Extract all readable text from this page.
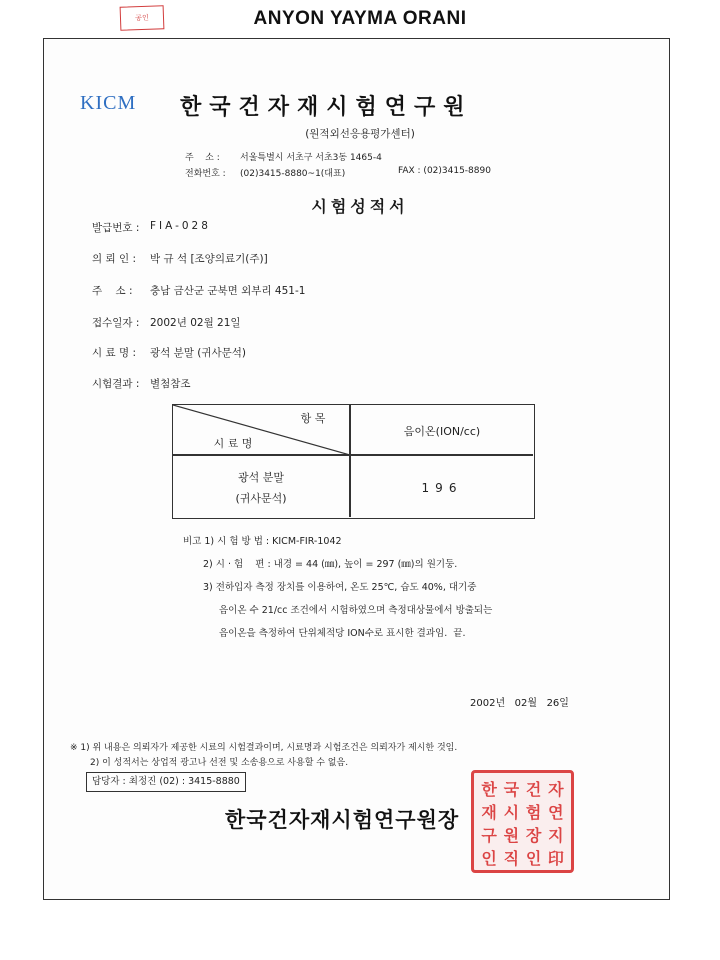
공인	ANYON YAYMA ORANI
KICM 한국건자재시험연구원
(원적외선응용평가센터)
주    소 : 서울특별시 서초구 서초3동 1465-4
전화번호 : (02)3415-8880~1(대표)	FAX : (02)3415-8890
시험성적서
발급번호 : FIA-028
의 뢰 인 : 박 규 석 [조양의료기(주)]
주    소 : 충남 금산군 군북면 외부리 451-1
접수일자 : 2002년 02월 21일
시 료 명 : 광석 분말 (귀사문석)
시험결과 : 별첨참조
항 목
시 료 명
음이온(ION/cc)
광석 분말
(귀사문석)
196
비고 1) 시 험 방 법 : KICM-FIR-1042
2) 시 · 험    편 : 내경 = 44 (㎜), 높이 = 297 (㎜)의 원기둥.
3) 전하입자 측정 장치를 이용하여, 온도 25℃, 습도 40%, 대기중
음이온 수 21/cc 조건에서 시험하였으며 측정대상물에서 방출되는
음이온을 측정하여 단위체적당 ION수로 표시한 결과임.  끝.
2002년   02월   26일
※ 1) 위 내용은 의뢰자가 제공한 시료의 시험결과이며, 시료명과 시험조건은 의뢰자가 제시한 것임.
2) 이 성적서는 상업적 광고나 선전 및 소송용으로 사용할 수 없음.
담당자 : 최정진 (02) : 3415-8880
한국건자재시험연구원장
한 국 건 자
재 시 험 연
구 원 장 지
인 직 인 印
